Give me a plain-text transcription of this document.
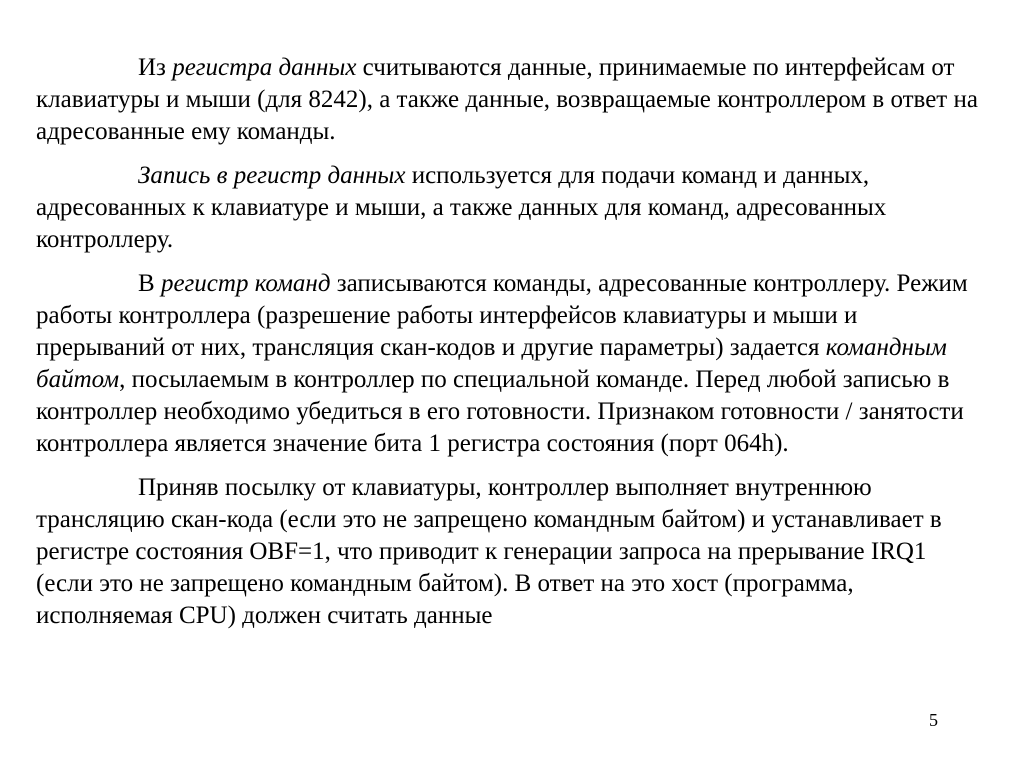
Из регистра данных считываются данные, принимаемые по интерфейсам от клавиатуры и мыши (для 8242), а также данные, возвращаемые контроллером в ответ на адресованные ему команды.

Запись в регистр данных используется для подачи команд и данных, адресованных к клавиатуре и мыши, а также данных для команд, адресованных контроллеру.

В регистр команд записываются команды, адресованные контроллеру. Режим работы контроллера (разрешение работы интерфейсов клавиатуры и мыши и прерываний от них, трансляция скан-кодов и другие параметры) задается командным байтом, посылаемым в контроллер по специальной команде. Перед любой записью в контроллер необходимо убедиться в его готовности. Признаком готовности / занятости контроллера является значение бита 1 регистра состояния (порт 064h).

Приняв посылку от клавиатуры, контроллер выполняет внутреннюю трансляцию скан-кода (если это не запрещено командным байтом) и устанавливает в регистре состояния OBF=1, что приводит к генерации запроса на прерывание IRQ1 (если это не запрещено командным байтом). В ответ на это хост (программа, исполняемая CPU) должен считать данные

5
